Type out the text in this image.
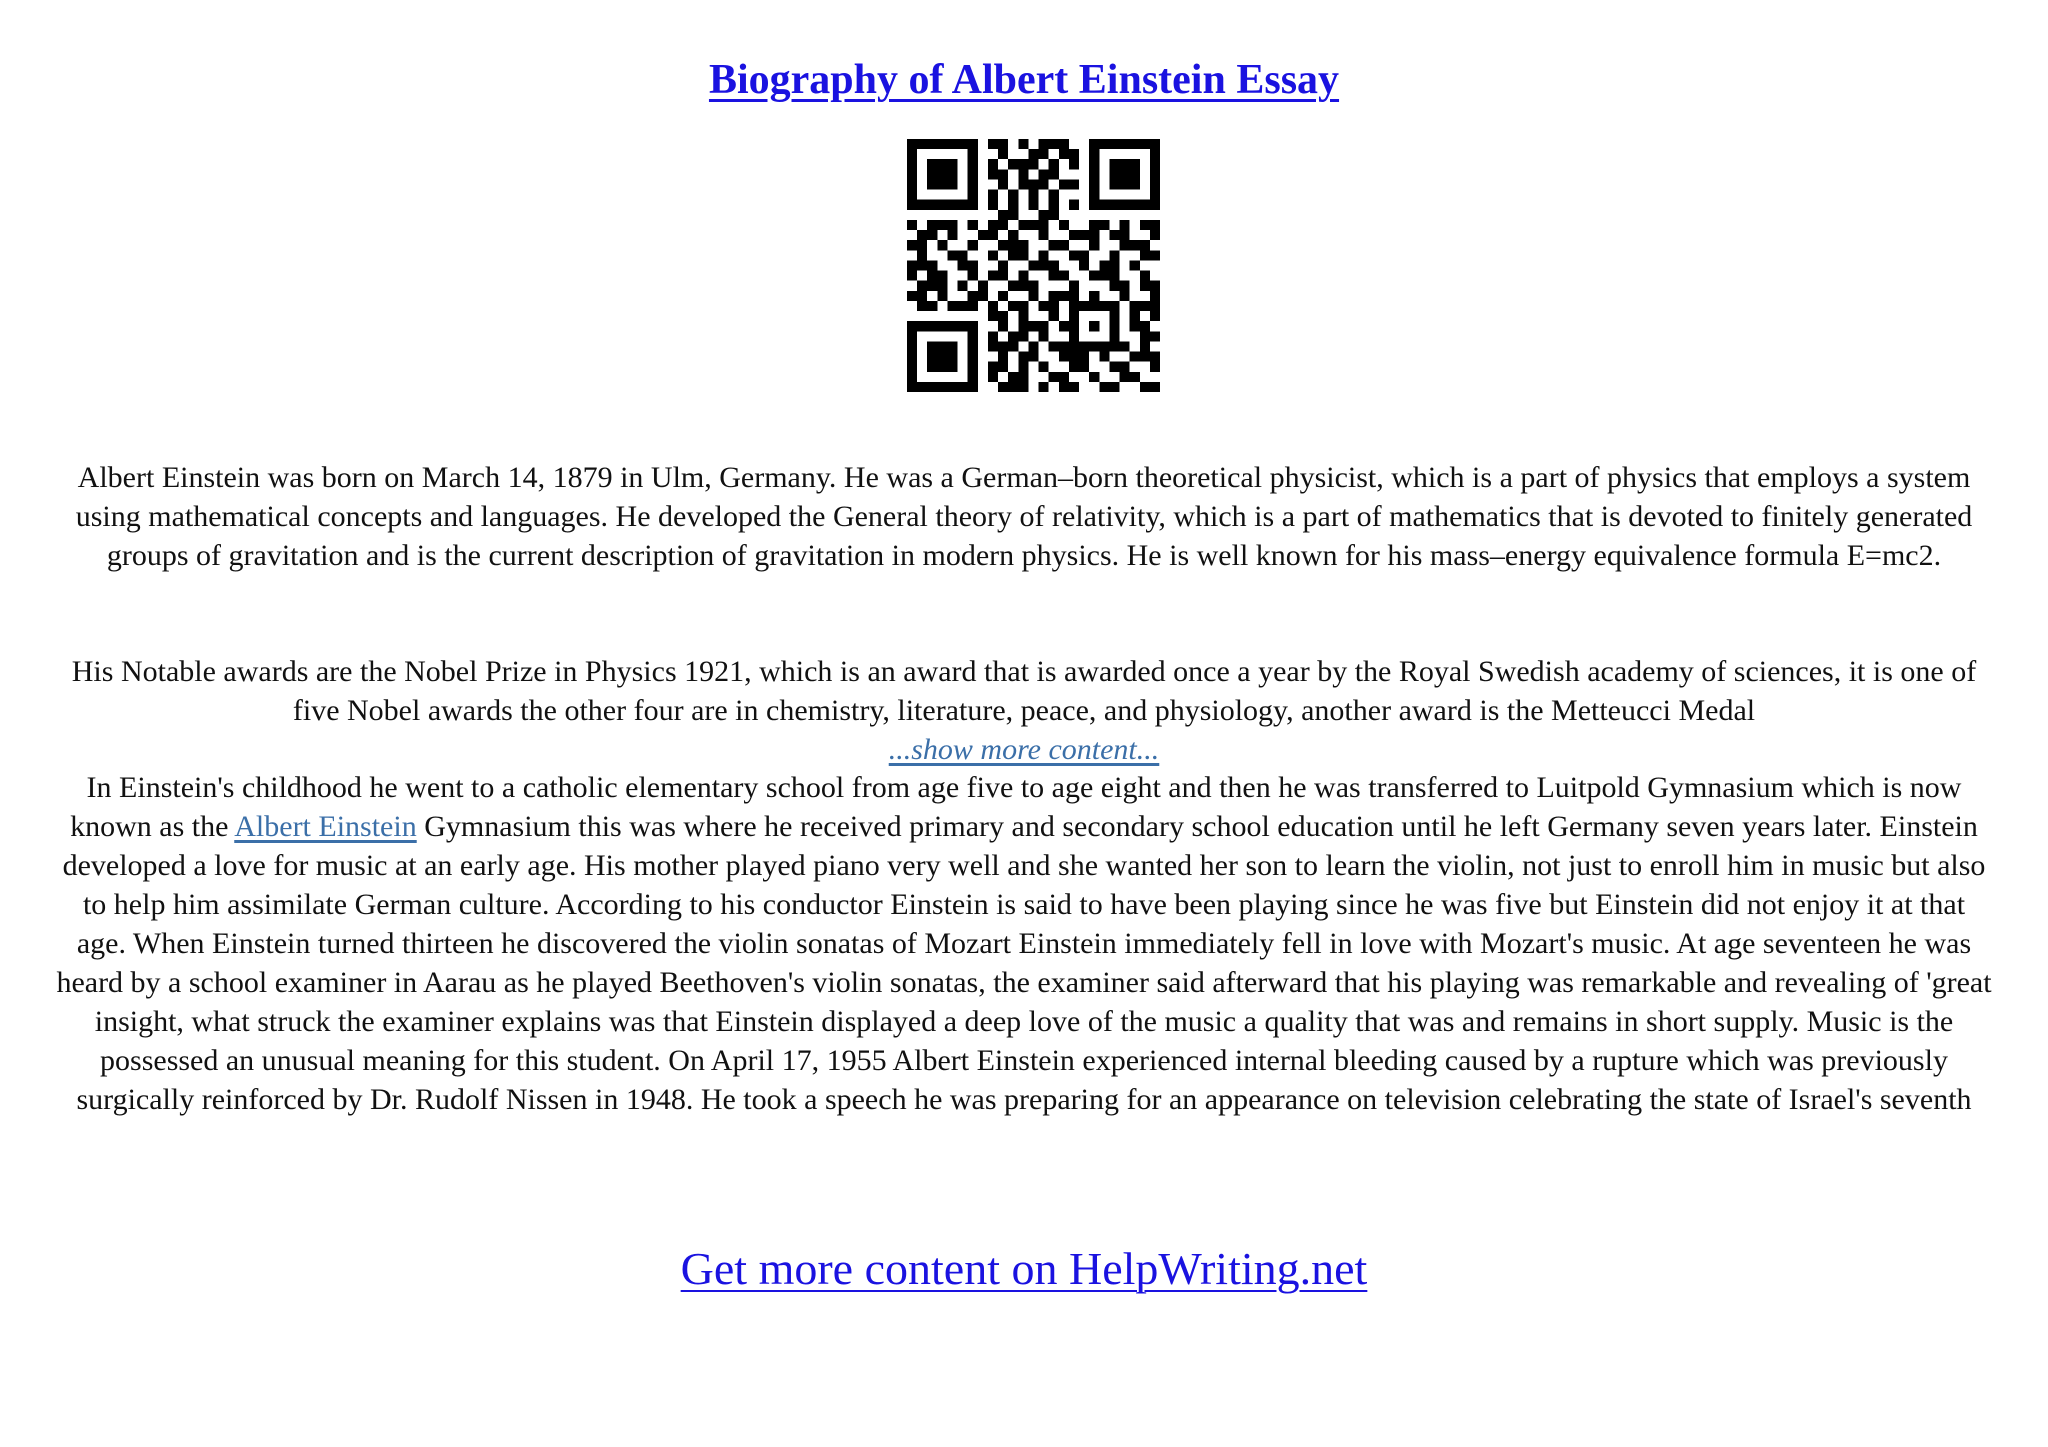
Biography of Albert Einstein Essay
Albert Einstein was born on March 14, 1879 in Ulm, Germany. He was a German–born theoretical physicist, which is a part of physics that employs a system using mathematical concepts and languages. He developed the General theory of relativity, which is a part of mathematics that is devoted to finitely generated groups of gravitation and is the current description of gravitation in modern physics. He is well known for his mass–energy equivalence formula E=mc2.
His Notable awards are the Nobel Prize in Physics 1921, which is an award that is awarded once a year by the Royal Swedish academy of sciences, it is one of five Nobel awards the other four are in chemistry, literature, peace, and physiology, another award is the Metteucci Medal
...show more content...
In Einstein's childhood he went to a catholic elementary school from age five to age eight and then he was transferred to Luitpold Gymnasium which is now known as the Albert Einstein Gymnasium this was where he received primary and secondary school education until he left Germany seven years later. Einstein developed a love for music at an early age. His mother played piano very well and she wanted her son to learn the violin, not just to enroll him in music but also to help him assimilate German culture. According to his conductor Einstein is said to have been playing since he was five but Einstein did not enjoy it at that age. When Einstein turned thirteen he discovered the violin sonatas of Mozart Einstein immediately fell in love with Mozart's music. At age seventeen he was heard by a school examiner in Aarau as he played Beethoven's violin sonatas, the examiner said afterward that his playing was remarkable and revealing of 'great insight, what struck the examiner explains was that Einstein displayed a deep love of the music a quality that was and remains in short supply. Music is the possessed an unusual meaning for this student. On April 17, 1955 Albert Einstein experienced internal bleeding caused by a rupture which was previously surgically reinforced by Dr. Rudolf Nissen in 1948. He took a speech he was preparing for an appearance on television celebrating the state of Israel's seventh
Get more content on HelpWriting.net
